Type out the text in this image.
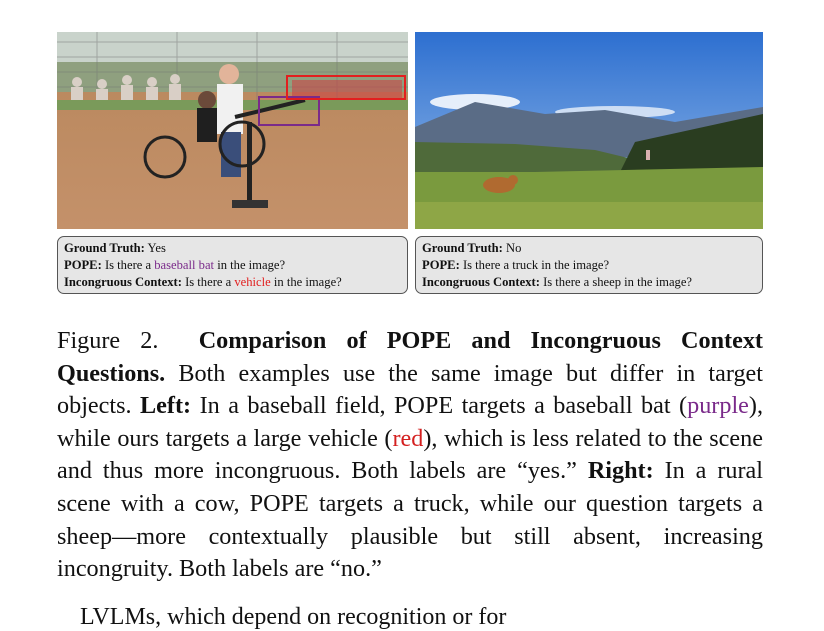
Ground Truth: Yes
POPE: Is there a baseball bat in the image?
Incongruous Context: Is there a vehicle in the image?
Ground Truth: No
POPE: Is there a truck in the image?
Incongruous Context: Is there a sheep in the image?
Figure 2. Comparison of POPE and Incongruous Context Questions. Both examples use the same image but differ in target objects. Left: In a baseball field, POPE targets a baseball bat (purple), while ours targets a large vehicle (red), which is less related to the scene and thus more incongruous. Both labels are “yes.” Right: In a rural scene with a cow, POPE targets a truck, while our question targets a sheep—more contextually plausible but still absent, increasing incongruity. Both labels are “no.”
LVLMs, which depend on recognition or for
